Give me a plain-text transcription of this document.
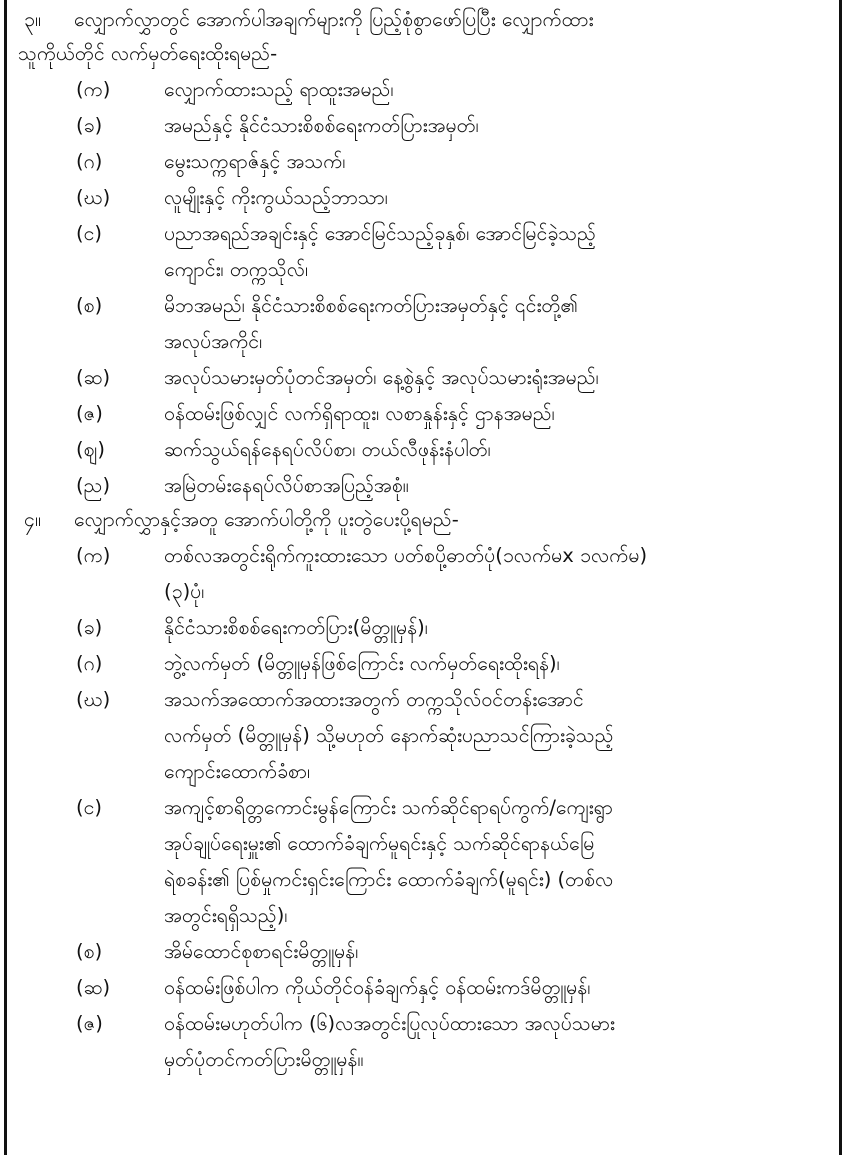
၃။	လျှောက်လွှာတွင် အောက်ပါအချက်များကို ပြည့်စုံစွာဖော်ပြပြီး လျှောက်ထား
သူကိုယ်တိုင် လက်မှတ်ရေးထိုးရမည်-
(က)	လျှောက်ထားသည့် ရာထူးအမည်၊
(ခ)	အမည်နှင့် နိုင်ငံသားစိစစ်ရေးကတ်ပြားအမှတ်၊
(ဂ)	မွေးသက္ကရာဇ်နှင့် အသက်၊
(ဃ)	လူမျိုးနှင့် ကိုးကွယ်သည့်ဘာသာ၊
(င)	ပညာအရည်အချင်းနှင့် အောင်မြင်သည့်ခုနှစ်၊ အောင်မြင်ခဲ့သည့်
ကျောင်း၊ တက္ကသိုလ်၊
(စ)	မိဘအမည်၊ နိုင်ငံသားစိစစ်ရေးကတ်ပြားအမှတ်နှင့် ၎င်းတို့၏
အလုပ်အကိုင်၊
(ဆ)	အလုပ်သမားမှတ်ပုံတင်အမှတ်၊ နေ့စွဲနှင့် အလုပ်သမားရုံးအမည်၊
(ဇ)	ဝန်ထမ်းဖြစ်လျှင် လက်ရှိရာထူး၊ လစာနှုန်းနှင့် ဌာနအမည်၊
(ဈ)	ဆက်သွယ်ရန်နေရပ်လိပ်စာ၊ တယ်လီဖုန်းနံပါတ်၊
(ည)	အမြဲတမ်းနေရပ်လိပ်စာအပြည့်အစုံ။
၄။	လျှောက်လွှာနှင့်အတူ အောက်ပါတို့ကို ပူးတွဲပေးပို့ရမည်-
(က)	တစ်လအတွင်းရိုက်ကူးထားသော ပတ်စပို့ဓာတ်ပုံ(၁လက်မx ၁လက်မ)
(၃)ပုံ၊
(ခ)	နိုင်ငံသားစိစစ်ရေးကတ်ပြား(မိတ္တူမှန်)၊
(ဂ)	ဘွဲ့လက်မှတ် (မိတ္တူမှန်ဖြစ်ကြောင်း လက်မှတ်ရေးထိုးရန်)၊
(ဃ)	အသက်အထောက်အထားအတွက် တက္ကသိုလ်ဝင်တန်းအောင်
လက်မှတ် (မိတ္တူမှန်) သို့မဟုတ် နောက်ဆုံးပညာသင်ကြားခဲ့သည့်
ကျောင်းထောက်ခံစာ၊
(င)	အကျင့်စာရိတ္တကောင်းမွန်ကြောင်း သက်ဆိုင်ရာရပ်ကွက်/ကျေးရွာ
အုပ်ချုပ်ရေးမှူး၏ ထောက်ခံချက်မူရင်းနှင့် သက်ဆိုင်ရာနယ်မြေ
ရဲစခန်း၏ ပြစ်မှုကင်းရှင်းကြောင်း ထောက်ခံချက်(မူရင်း) (တစ်လ
အတွင်းရရှိသည့်)၊
(စ)	အိမ်ထောင်စုစာရင်းမိတ္တူမှန်၊
(ဆ)	ဝန်ထမ်းဖြစ်ပါက ကိုယ်တိုင်ဝန်ခံချက်နှင့် ဝန်ထမ်းကဒ်မိတ္တူမှန်၊
(ဇ)	ဝန်ထမ်းမဟုတ်ပါက (၆)လအတွင်းပြုလုပ်ထားသော အလုပ်သမား
မှတ်ပုံတင်ကတ်ပြားမိတ္တူမှန်။
